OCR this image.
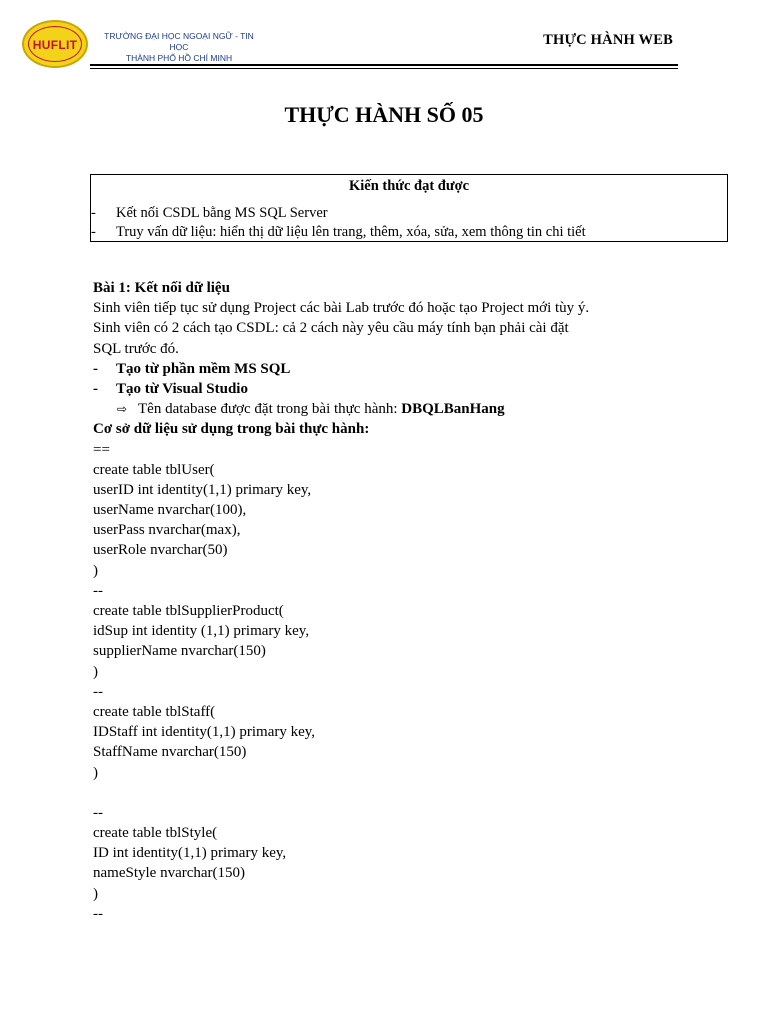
HUFLIT
TRƯỜNG ĐẠI HỌC NGOẠI NGỮ - TIN HỌC
THÀNH PHỐ HỒ CHÍ MINH
THỰC HÀNH WEB
THỰC HÀNH SỐ 05
Kiến thức đạt được
- Kết nối CSDL bằng MS SQL Server
- Truy vấn dữ liệu: hiển thị dữ liệu lên trang, thêm, xóa, sửa, xem thông tin chi tiết
Bài 1: Kết nối dữ liệu
Sinh viên tiếp tục sử dụng Project các bài Lab trước đó hoặc tạo Project mới tùy ý.
Sinh viên có 2 cách tạo CSDL: cả 2 cách này yêu cầu máy tính bạn phải cài đặt
SQL trước đó.
- Tạo từ phần mềm MS SQL
- Tạo từ Visual Studio
⇨ Tên database được đặt trong bài thực hành: DBQLBanHang
Cơ sở dữ liệu sử dụng trong bài thực hành:
==
create table tblUser(
userID int identity(1,1) primary key,
userName nvarchar(100),
userPass nvarchar(max),
userRole nvarchar(50)
)
--
create table tblSupplierProduct(
idSup int identity (1,1) primary key,
supplierName nvarchar(150)
)
--
create table tblStaff(
IDStaff int identity(1,1) primary key,
StaffName nvarchar(150)
)
--
create table tblStyle(
ID int identity(1,1) primary key,
nameStyle nvarchar(150)
)
--
